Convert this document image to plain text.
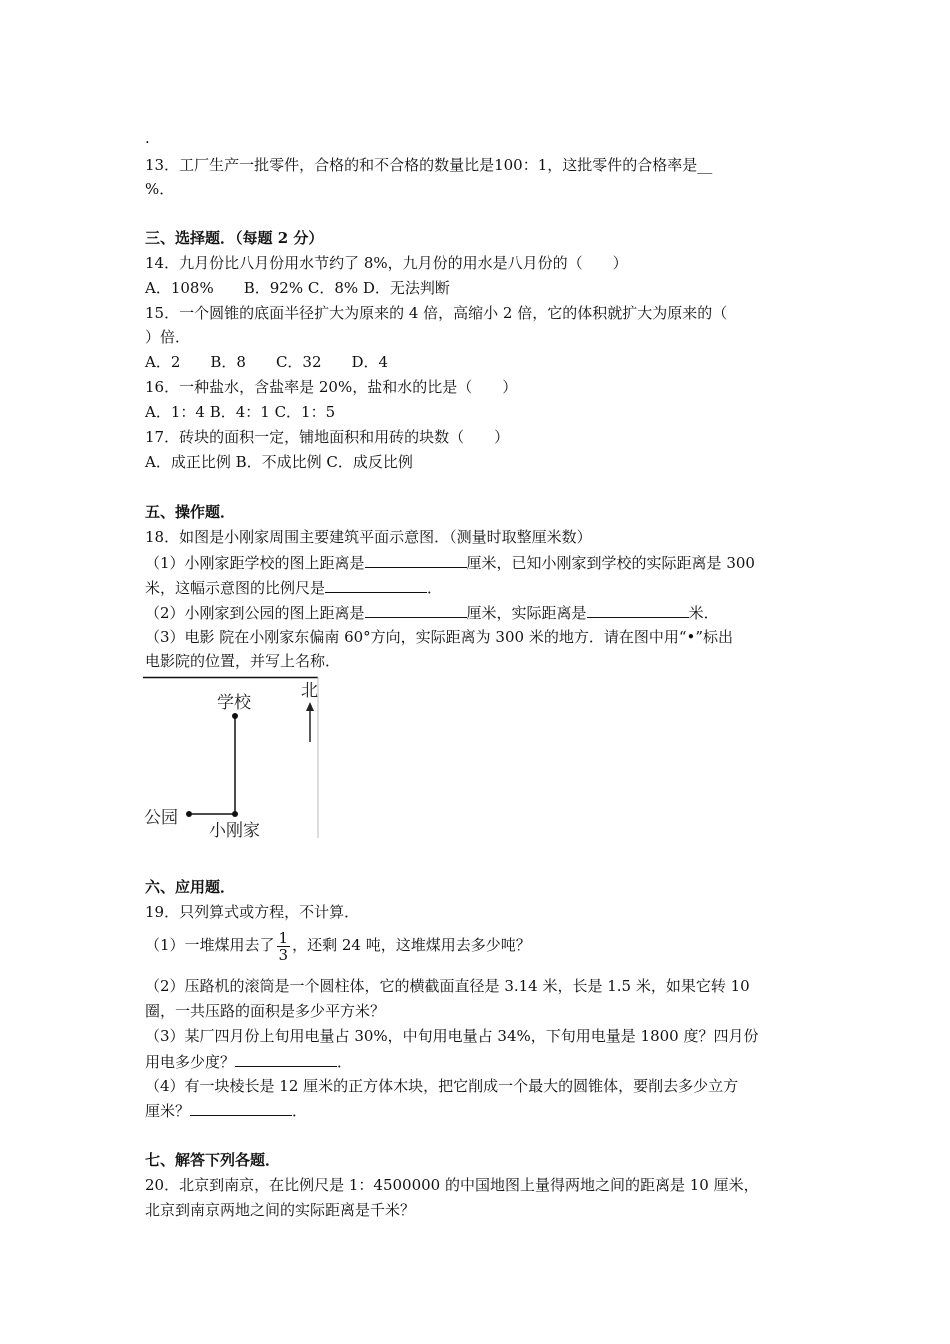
.
13．工厂生产一批零件，合格的和不合格的数量比是100：1，这批零件的合格率是__
%．
三、选择题．（每题 2 分）
14．九月份比八月份用水节约了 8%，九月份的用水是八月份的（　　）
A．108%　　B．92% C．8% D．无法判断
15．一个圆锥的底面半径扩大为原来的 4 倍，高缩小 2 倍，它的体积就扩大为原来的（
）倍．
A．2　　B．8　　C．32　　D．4
16．一种盐水，含盐率是 20%，盐和水的比是（　　）
A．1：4 B．4：1 C．1：5
17．砖块的面积一定，铺地面积和用砖的块数（　　）
A．成正比例 B．不成比例 C．成反比例
五、操作题．
18．如图是小刚家周围主要建筑平面示意图．（测量时取整厘米数）
（1）小刚家距学校的图上距离是	厘米，已知小刚家到学校的实际距离是 300
米，这幅示意图的比例尺是	．
（2）小刚家到公园的图上距离是	厘米，实际距离是	米．
（3）电影 院在小刚家东偏南 60°方向，实际距离为 300 米的地方．请在图中用“•”标出
电影院的位置，并写上名称．
学校
北
公园
小刚家
六、应用题．
19．只列算式或方程，不计算．
（1）一堆煤用去了 $\frac{1}{3}$ ，还剩 24 吨，这堆煤用去多少吨？
（2）压路机的滚筒是一个圆柱体，它的横截面直径是 3.14 米，长是 1.5 米，如果它转 10
圈，一共压路的面积是多少平方米？
（3）某厂四月份上旬用电量占 30%，中旬用电量占 34%，下旬用电量是 1800 度？四月份
用电多少度？	．
（4）有一块棱长是 12 厘米的正方体木块，把它削成一个最大的圆锥体，要削去多少立方
厘米？	．
七、解答下列各题．
20．北京到南京，在比例尺是 1：4500000 的中国地图上量得两地之间的距离是 10 厘米，
北京到南京两地之间的实际距离是千米？
